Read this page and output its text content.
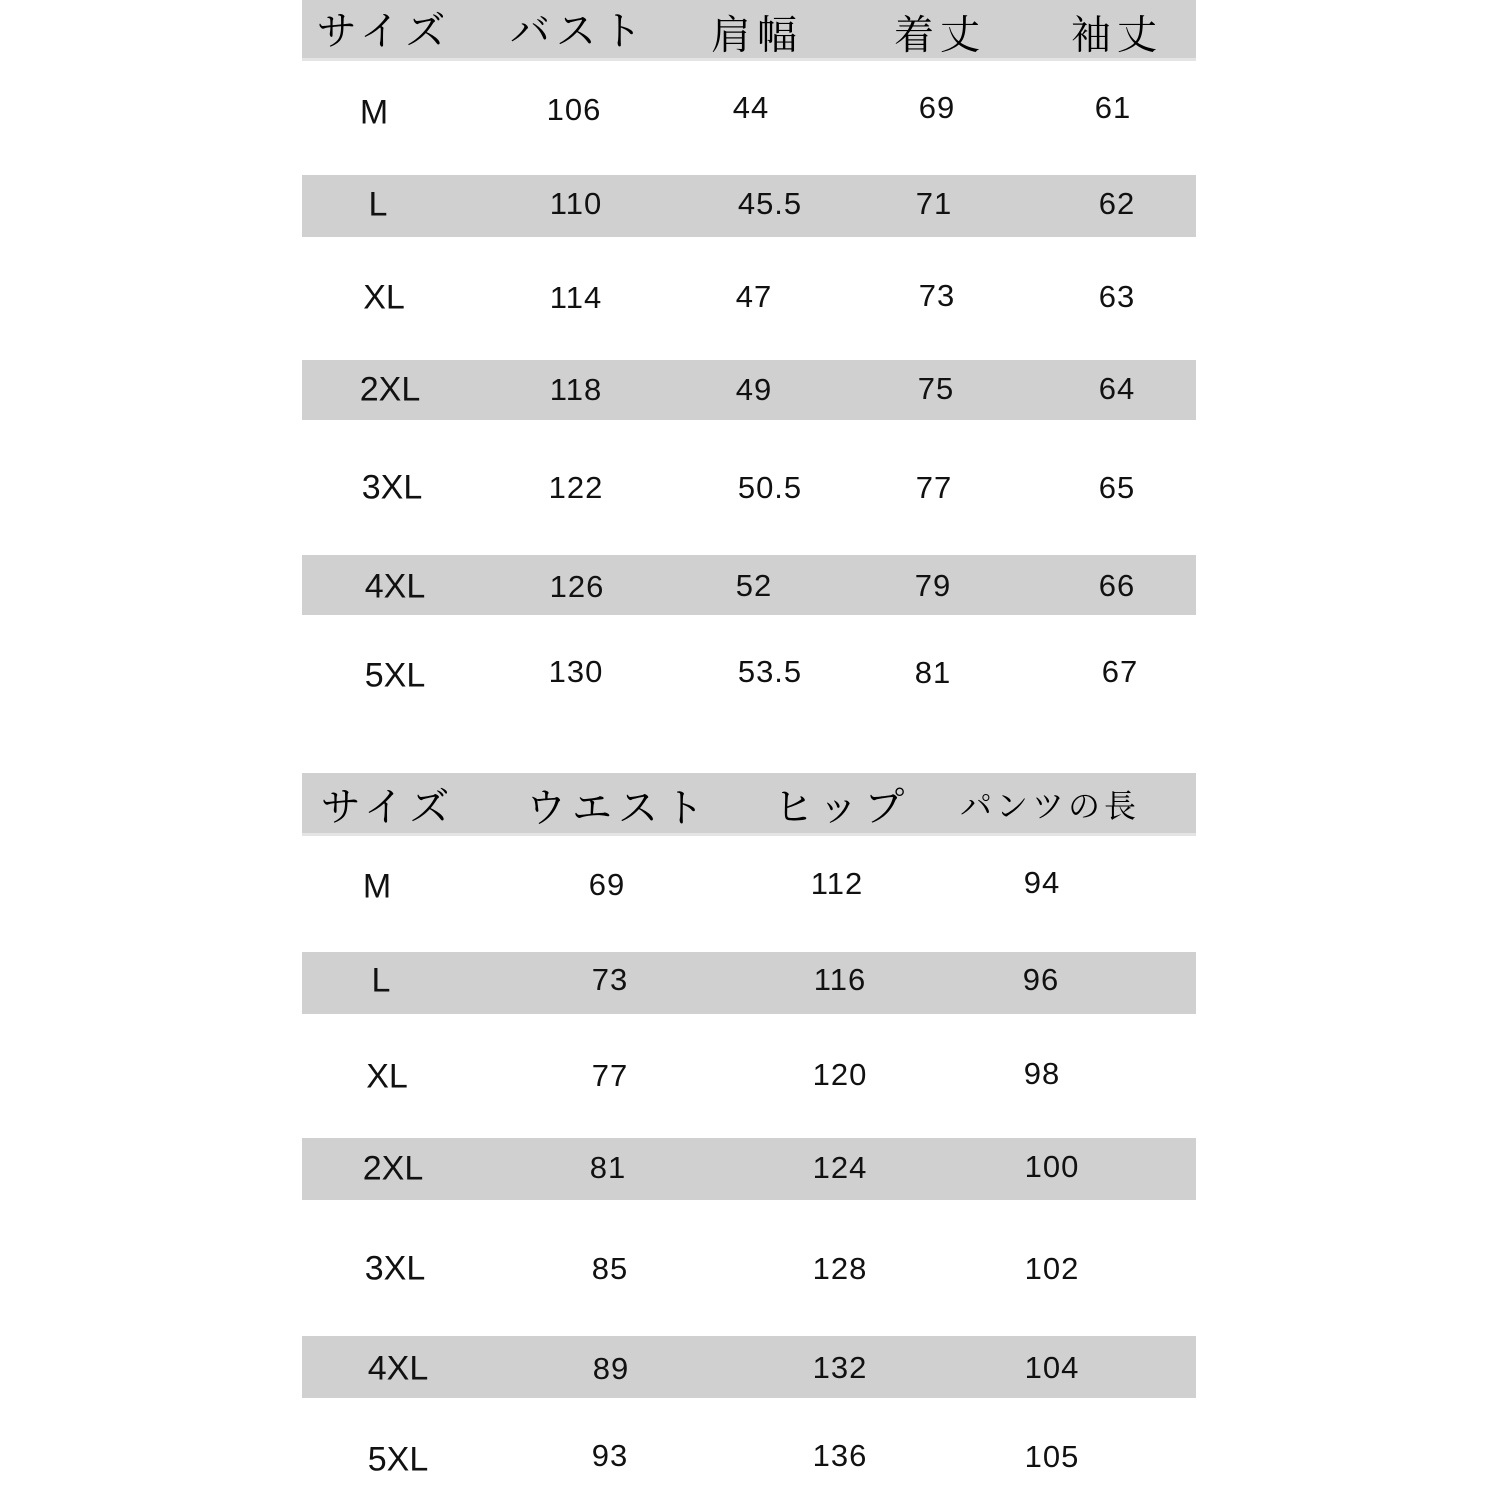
サイズ バスト 肩幅 着丈 袖丈
M	106	44	69	61
L	110	45.5	71	62
XL	114	47	73	63
2XL	118	49	75	64
3XL	122	50.5	77	65
4XL	126	52	79	66
5XL	130	53.5	81	67
サイズ ウエスト ヒップ パンツの長
M	69	112	94
L	73	116	96
XL	77	120	98
2XL	81	124	100
3XL	85	128	102
4XL	89	132	104
5XL	93	136	105
